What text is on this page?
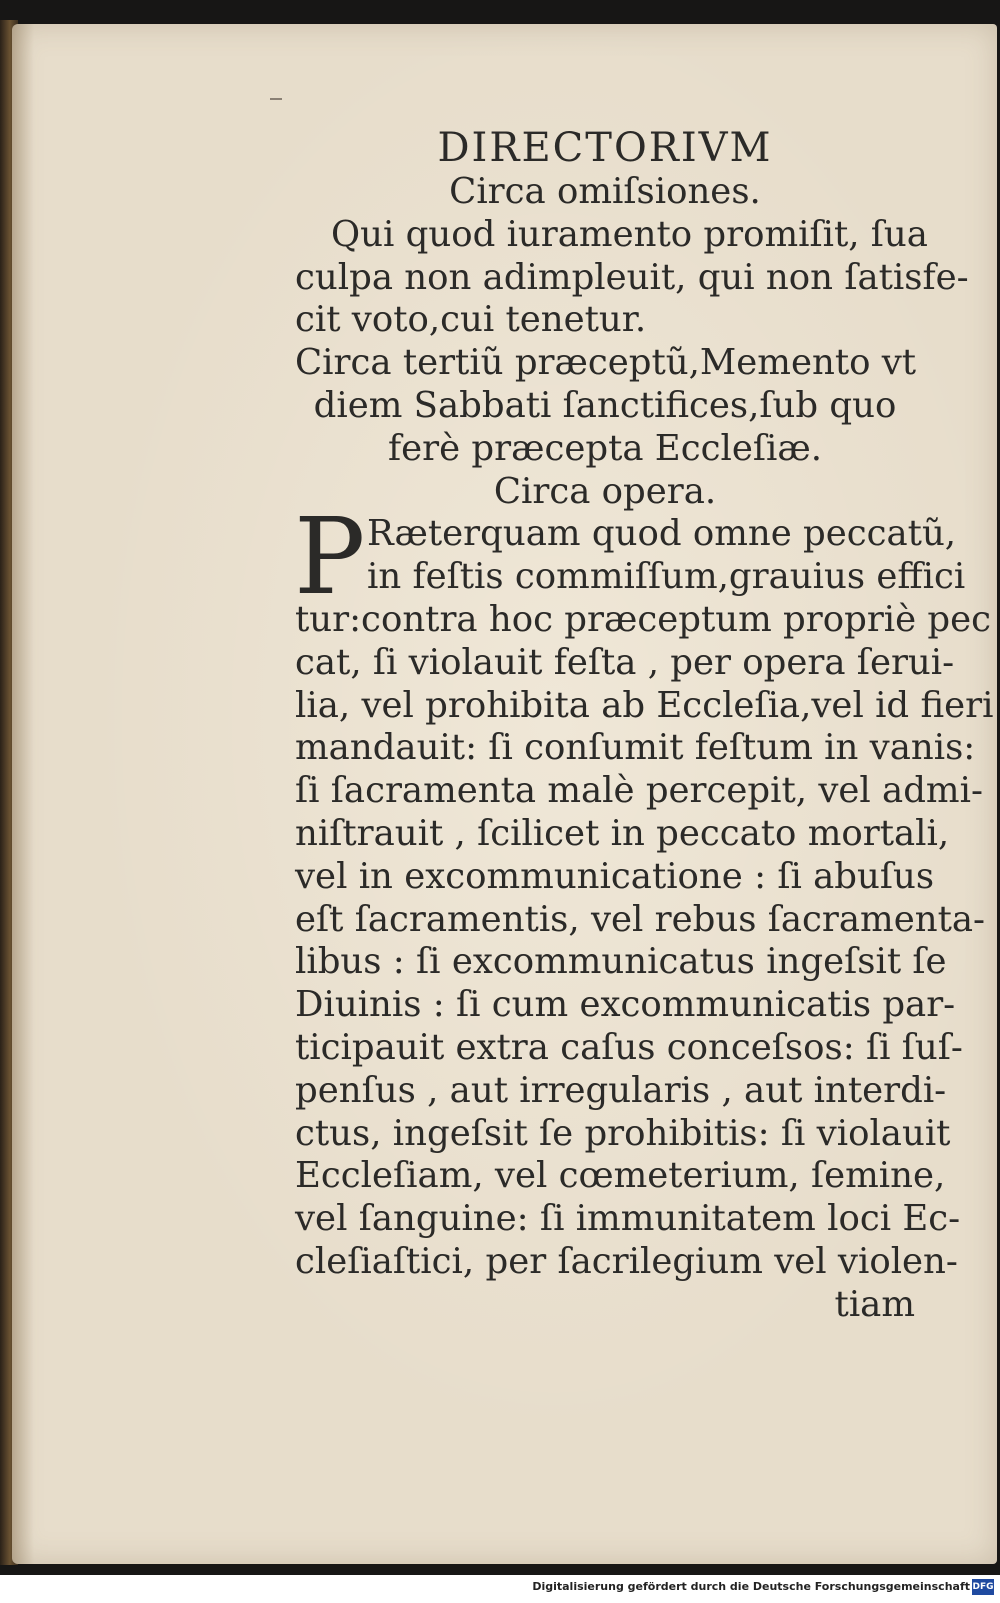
DIRECTORIVM
Circa omiſsiones.
Qui quod iuramento promiſit, ſua
culpa non adimpleuit, qui non ſatisfe-
cit voto,cui tenetur.
Circa tertiũ præceptũ,Memento vt
diem Sabbati ſanctifices,ſub quo
ferè præcepta Eccleſiæ.
Circa opera.
P Ræterquam quod omne peccatũ,
in feſtis commiſſum,grauius effici
tur:contra hoc præceptum propriè pec
cat, ſi violauit feſta , per opera ſerui-
lia, vel prohibita ab Eccleſia,vel id fieri
mandauit: ſi conſumit feſtum in vanis:
ſi ſacramenta malè percepit, vel admi-
niſtrauit , ſcilicet in peccato mortali,
vel in excommunicatione : ſi abuſus
eſt ſacramentis, vel rebus ſacramenta-
libus : ſi excommunicatus ingeſsit ſe
Diuinis : ſi cum excommunicatis par-
ticipauit extra caſus conceſsos: ſi ſuſ-
penſus , aut irregularis , aut interdi-
ctus, ingeſsit ſe prohibitis: ſi violauit
Eccleſiam, vel cœmeterium, ſemine,
vel ſanguine: ſi immunitatem loci Ec-
cleſiaſtici, per ſacrilegium vel violen-
tiam
Digitalisierung gefördert durch die Deutsche Forschungsgemeinschaft DFG
